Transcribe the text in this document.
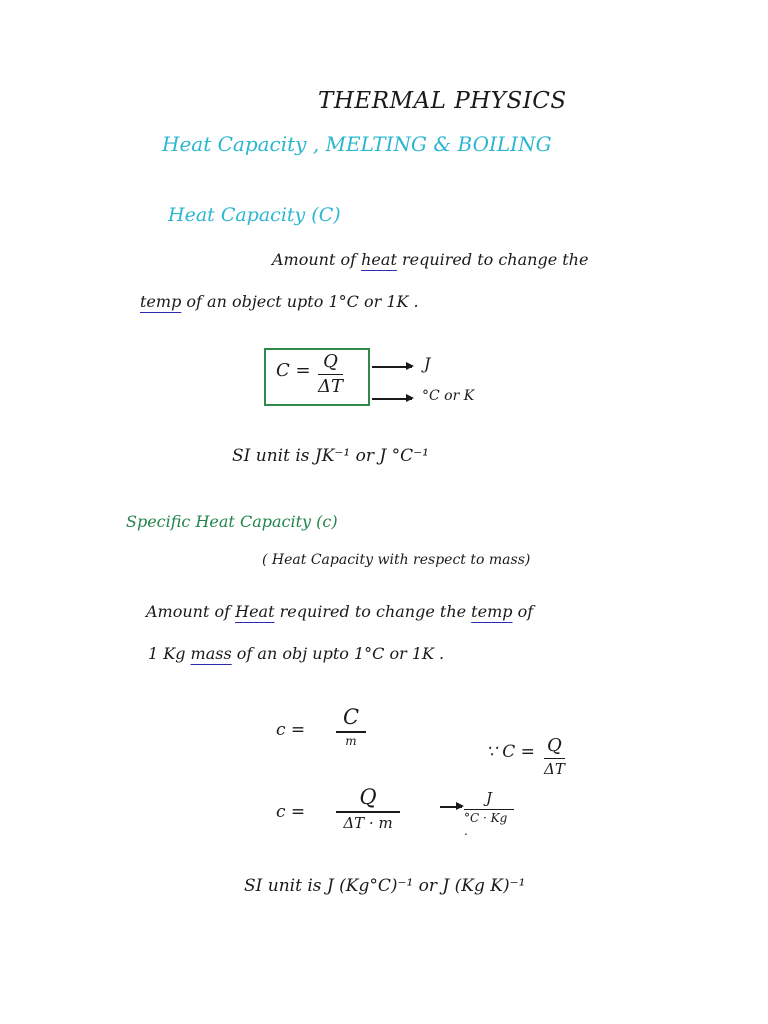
THERMAL PHYSICS
Heat Capacity , MELTING & BOILING
Heat Capacity (C)
Amount of heat required to change the
temp of an object upto 1°C or 1K .
C = Q
ΔT
J
°C or K
SI unit is JK⁻¹ or J °C⁻¹
Specific Heat Capacity (c)
( Heat Capacity with respect to mass)
Amount of Heat required to change the temp of
1 Kg mass of an obj upto 1°C or 1K .
c =
C
m
∵ C = Q
ΔT
c =
Q
ΔT · m
J
°C · Kg .
SI unit is J (Kg°C)⁻¹ or J (Kg K)⁻¹
